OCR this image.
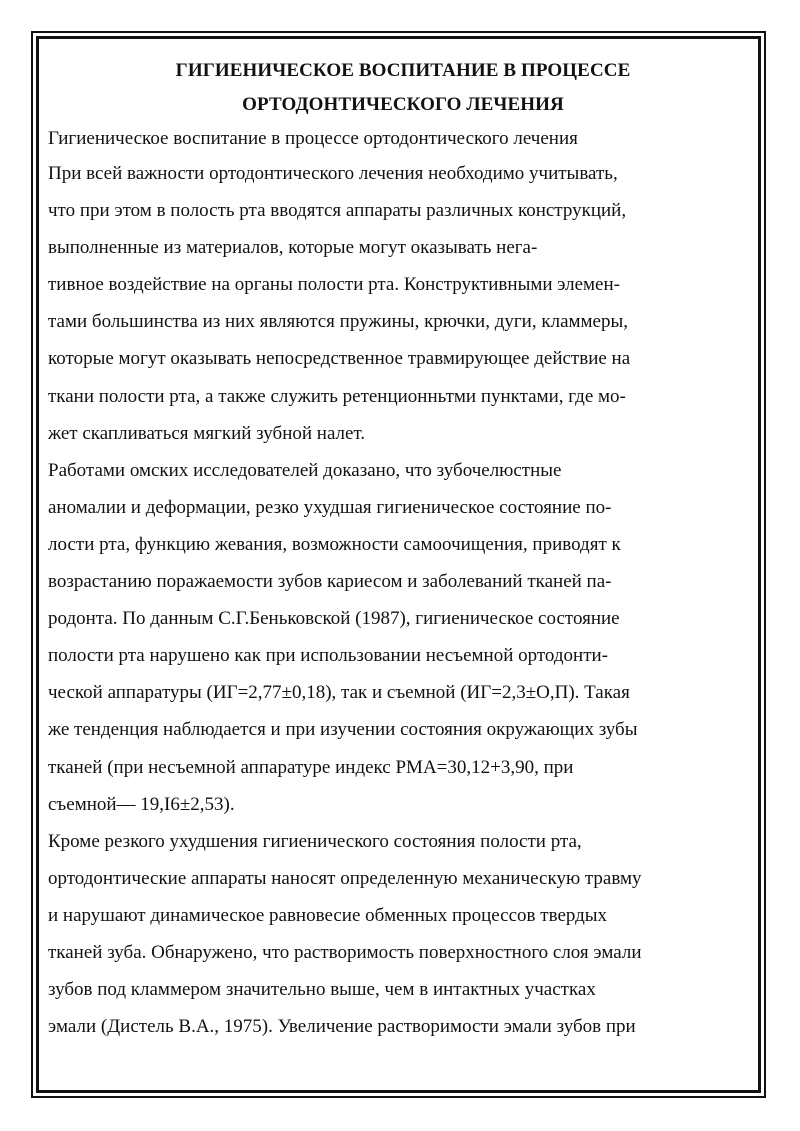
ГИГИЕНИЧЕСКОЕ ВОСПИТАНИЕ В ПРОЦЕССЕ

ОРТОДОНТИЧЕСКОГО ЛЕЧЕНИЯ

Гигиеническое воспитание в процессе ортодонтического лечения

При всей важности ортодонтического лечения необходимо учитывать,

что при этом в полость рта вводятся аппараты различных конструкций,

выполненные из материалов, которые могут оказывать нега-

тивное воздействие на органы полости рта. Конструктивными элемен-

тами большинства из них являются пружины, крючки, дуги, кламмеры,

которые могут оказывать непосредственное травмирующее действие на

ткани полости рта, а также служить ретенционньтми пунктами, где мо-

жет скапливаться мягкий зубной налет.

Работами омских исследователей доказано, что зубочелюстные

аномалии и деформации, резко ухудшая гигиеническое состояние по-

лости рта, функцию жевания, возможности самоочищения, приводят к

возрастанию поражаемости зубов кариесом и заболеваний тканей па-

родонта. По данным С.Г.Беньковской (1987), гигиеническое состояние

полости рта нарушено как при использовании несъемной ортодонти-

ческой аппаратуры (ИГ=2,77±0,18), так и съемной (ИГ=2,3±О,П). Такая

же тенденция наблюдается и при изучении состояния окружающих зубы

тканей (при несъемной аппаратуре индекс РМА=30,12+3,90, при

съемной— 19,I6±2,53).

Кроме резкого ухудшения гигиенического состояния полости рта,

ортодонтические аппараты наносят определенную механическую травму

и нарушают динамическое равновесие обменных процессов твердых

тканей зуба. Обнаружено, что растворимость поверхностного слоя эмали

зубов под кламмером значительно выше, чем в интактных участках

эмали (Дистель В.А., 1975). Увеличение растворимости эмали зубов при
